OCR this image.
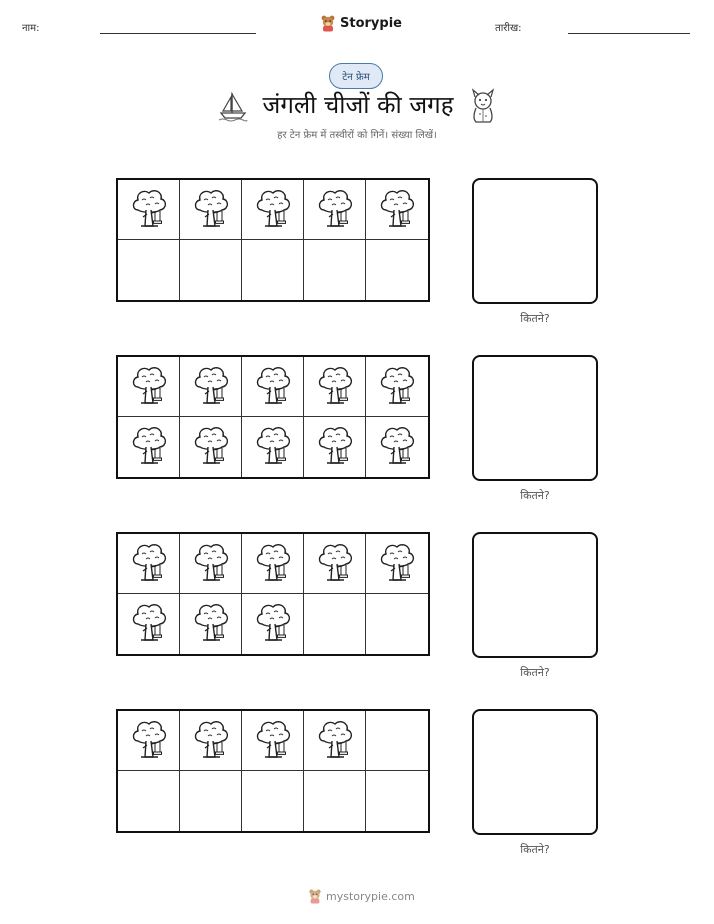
नाम:	Storypie	तारीख:
टेन फ्रेम
जंगली चीजों की जगह
हर टेन फ्रेम में तस्वीरों को गिनें। संख्या लिखें।
कितने?
कितने?
कितने?
कितने?
mystorypie.com
